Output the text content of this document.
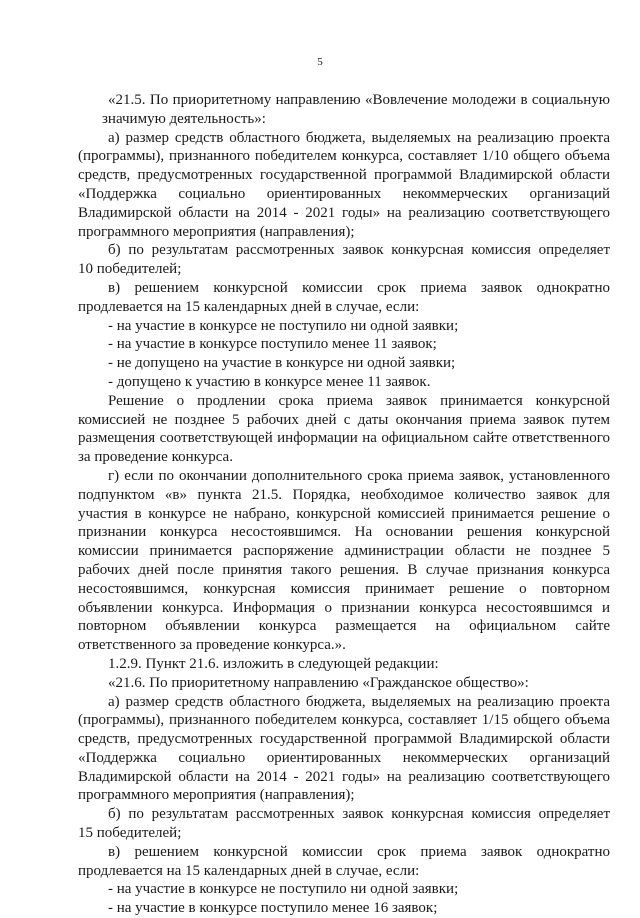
5
«21.5. По приоритетному направлению «Вовлечение молодежи в социальную
значимую деятельность»:
а) размер средств областного бюджета, выделяемых на реализацию проекта
(программы), признанного победителем конкурса, составляет 1/10 общего объема
средств, предусмотренных государственной программой Владимирской области
«Поддержка социально ориентированных некоммерческих организаций
Владимирской области на 2014 - 2021 годы» на реализацию соответствующего
программного мероприятия (направления);
б) по результатам рассмотренных заявок конкурсная комиссия определяет
10 победителей;
в) решением конкурсной комиссии срок приема заявок однократно
продлевается на 15 календарных дней в случае, если:
- на участие в конкурсе не поступило ни одной заявки;
- на участие в конкурсе поступило менее 11 заявок;
- не допущено на участие в конкурсе ни одной заявки;
- допущено к участию в конкурсе менее 11 заявок.
Решение о продлении срока приема заявок принимается конкурсной
комиссией не позднее 5 рабочих дней с даты окончания приема заявок путем
размещения соответствующей информации на официальном сайте ответственного
за проведение конкурса.
г) если по окончании дополнительного срока приема заявок, установленного
подпунктом «в» пункта 21.5. Порядка, необходимое количество заявок для
участия в конкурсе не набрано, конкурсной комиссией принимается решение о
признании конкурса несостоявшимся. На основании решения конкурсной
комиссии принимается распоряжение администрации области не позднее 5
рабочих дней после принятия такого решения. В случае признания конкурса
несостоявшимся, конкурсная комиссия принимает решение о повторном
объявлении конкурса. Информация о признании конкурса несостоявшимся и
повторном объявлении конкурса размещается на официальном сайте
ответственного за проведение конкурса.».
1.2.9. Пункт 21.6. изложить в следующей редакции:
«21.6. По приоритетному направлению «Гражданское общество»:
а) размер средств областного бюджета, выделяемых на реализацию проекта
(программы), признанного победителем конкурса, составляет 1/15 общего объема
средств, предусмотренных государственной программой Владимирской области
«Поддержка социально ориентированных некоммерческих организаций
Владимирской области на 2014 - 2021 годы» на реализацию соответствующего
программного мероприятия (направления);
б) по результатам рассмотренных заявок конкурсная комиссия определяет
15 победителей;
в) решением конкурсной комиссии срок приема заявок однократно
продлевается на 15 календарных дней в случае, если:
- на участие в конкурсе не поступило ни одной заявки;
- на участие в конкурсе поступило менее 16 заявок;
